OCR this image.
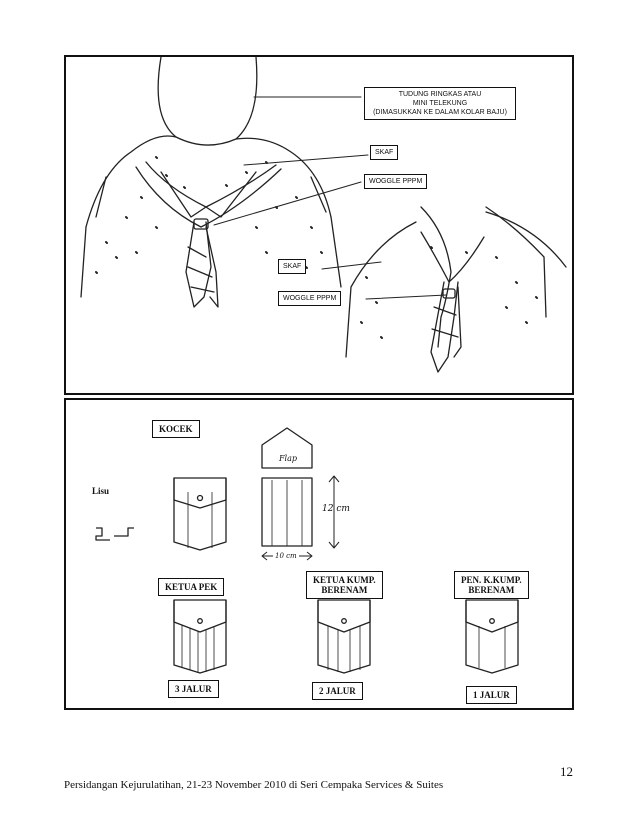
TUDUNG RINGKAS ATAU
MINI TELEKUNG
(DIMASUKKAN KE DALAM KOLAR BAJU)
SKAF
WOGGLE PPPM
SKAF
WOGGLE PPPM
KOCEK
Flap
Lisu
12 cm
10 cm
KETUA PEK
KETUA KUMP.
BERENAM
PEN. K.KUMP.
BERENAM
3 JALUR	2 JALUR	1 JALUR
12
Persidangan Kejurulatihan, 21-23 November 2010 di Seri Cempaka Services & Suites
